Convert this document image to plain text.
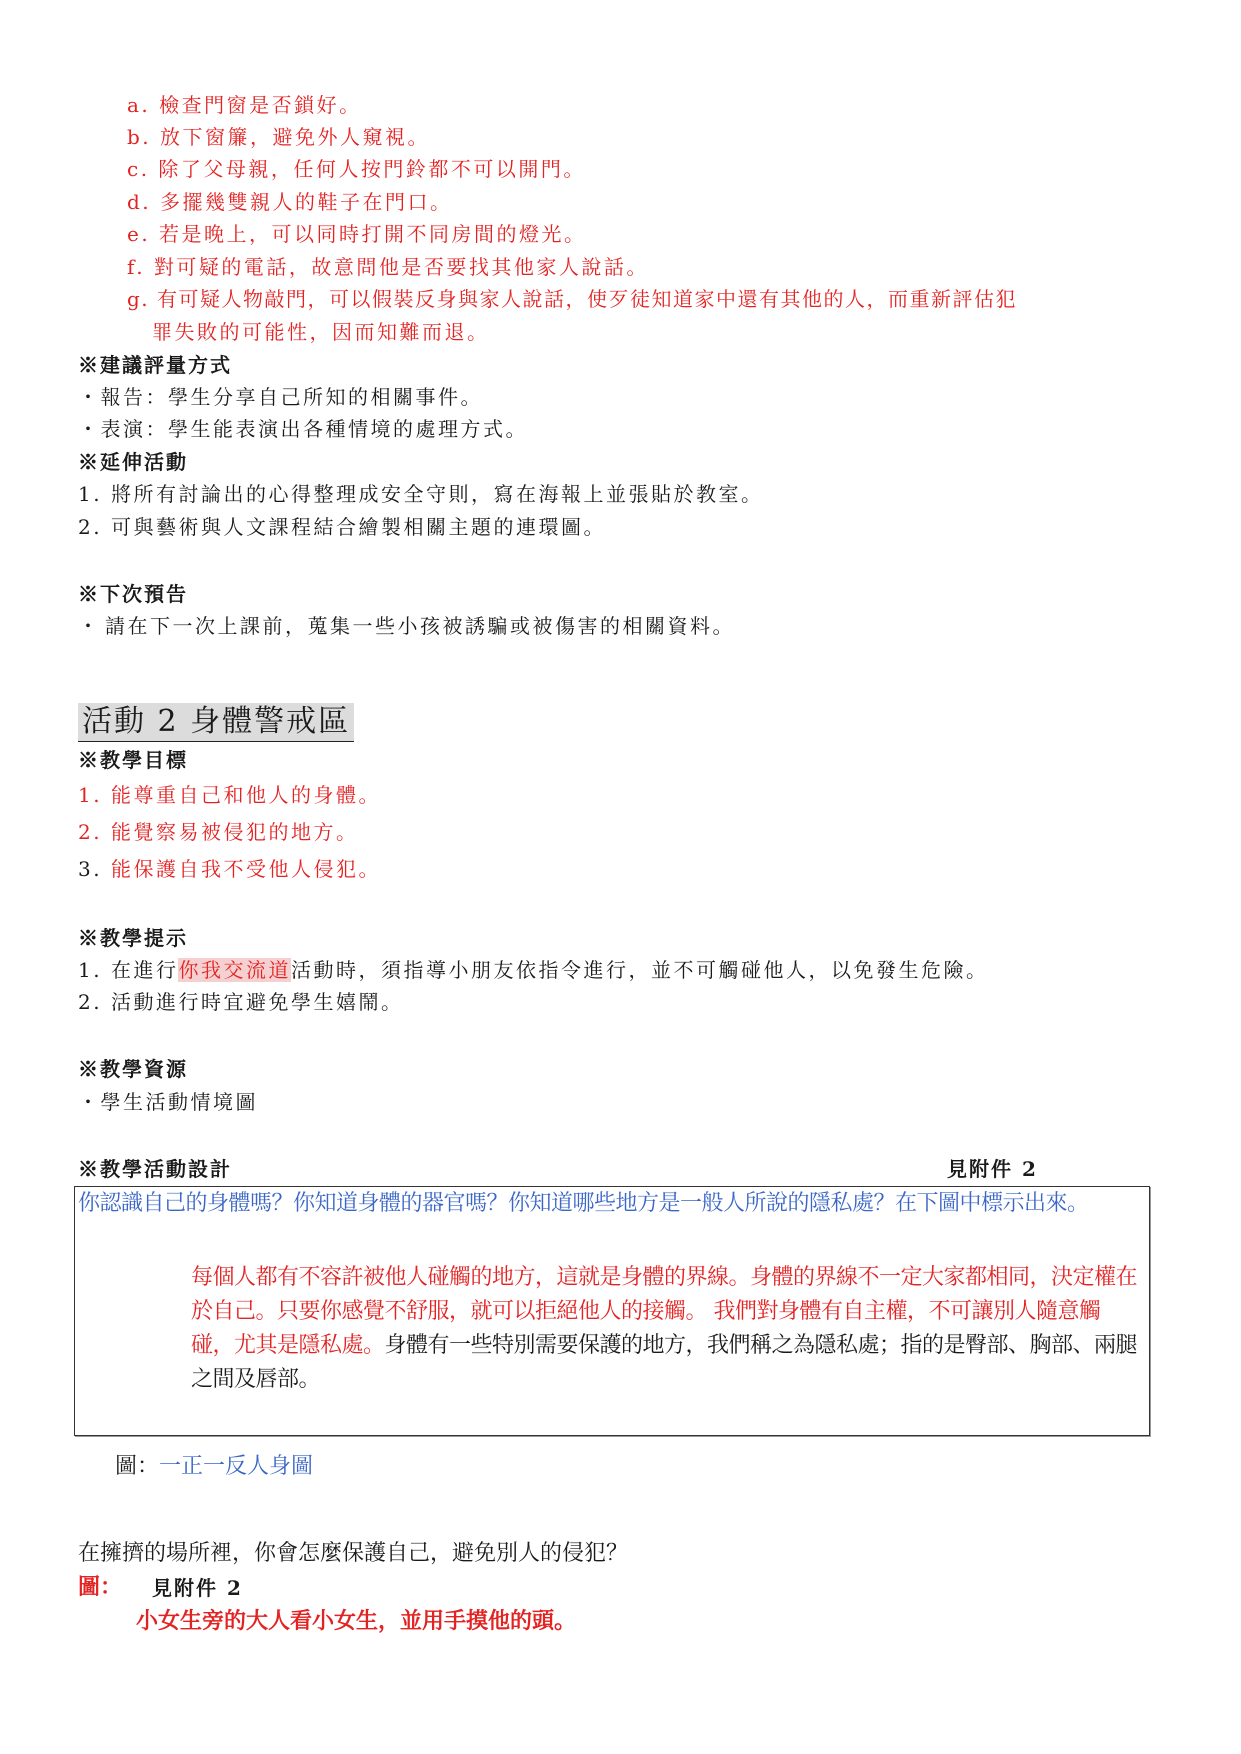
a. 檢查門窗是否鎖好。
b. 放下窗簾，避免外人窺視。
c. 除了父母親，任何人按門鈴都不可以開門。
d. 多擺幾雙親人的鞋子在門口。
e. 若是晚上，可以同時打開不同房間的燈光。
f. 對可疑的電話，故意問他是否要找其他家人說話。
g. 有可疑人物敲門，可以假裝反身與家人說話，使歹徒知道家中還有其他的人，而重新評估犯
罪失敗的可能性，因而知難而退。
※建議評量方式
・報告：學生分享自己所知的相關事件。
・表演：學生能表演出各種情境的處理方式。
※延伸活動
1. 將所有討論出的心得整理成安全守則，寫在海報上並張貼於教室。
2. 可與藝術與人文課程結合繪製相關主題的連環圖。
※下次預告
・ 請在下一次上課前，蒐集一些小孩被誘騙或被傷害的相關資料。
活動 2 身體警戒區
※教學目標
1. 能尊重自己和他人的身體。
2. 能覺察易被侵犯的地方。
3. 能保護自我不受他人侵犯。
※教學提示
1. 在進行你我交流道活動時，須指導小朋友依指令進行，並不可觸碰他人，以免發生危險。
2. 活動進行時宜避免學生嬉鬧。
※教學資源
・學生活動情境圖
※教學活動設計	見附件 2
你認識自己的身體嗎？你知道身體的器官嗎？你知道哪些地方是一般人所說的隱私處？在下圖中標示出來。
每個人都有不容許被他人碰觸的地方，這就是身體的界線。身體的界線不一定大家都相同，決定權在於自己。只要你感覺不舒服，就可以拒絕他人的接觸。 我們對身體有自主權，不可讓別人隨意觸碰，尤其是隱私處。身體有一些特別需要保護的地方，我們稱之為隱私處；指的是臀部、胸部、兩腿之間及唇部。
圖：一正一反人身圖
在擁擠的場所裡，你會怎麼保護自己，避免別人的侵犯？
圖： 見附件 2
小女生旁的大人看小女生，並用手摸他的頭。
